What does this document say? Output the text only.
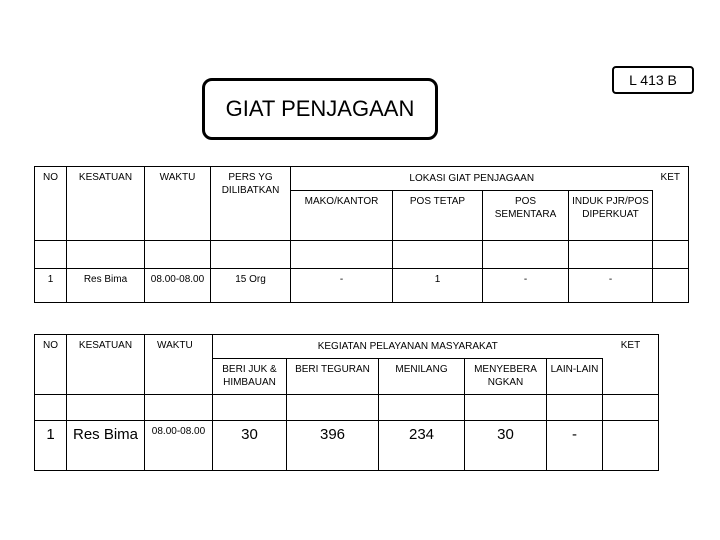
L 413 B
GIAT PENJAGAAN
NO	KESATUAN	WAKTU	PERS YG DILIBATKAN	LOKASI GIAT PENJAGAAN				KET
				MAKO/KANTOR	POS TETAP	POS SEMENTARA	INDUK PJR/POS DIPERKUAT	

1	Res Bima	08.00-08.00	15 Org	-	1	-	-	
NO	KESATUAN	WAKTU	KEGIATAN PELAYANAN MASYARAKAT					KET
			BERI JUK & HIMBAUAN	BERI TEGURAN	MENILANG	MENYEBERA NGKAN	LAIN-LAIN	

1	Res Bima	08.00-08.00	30	396	234	30	-	
